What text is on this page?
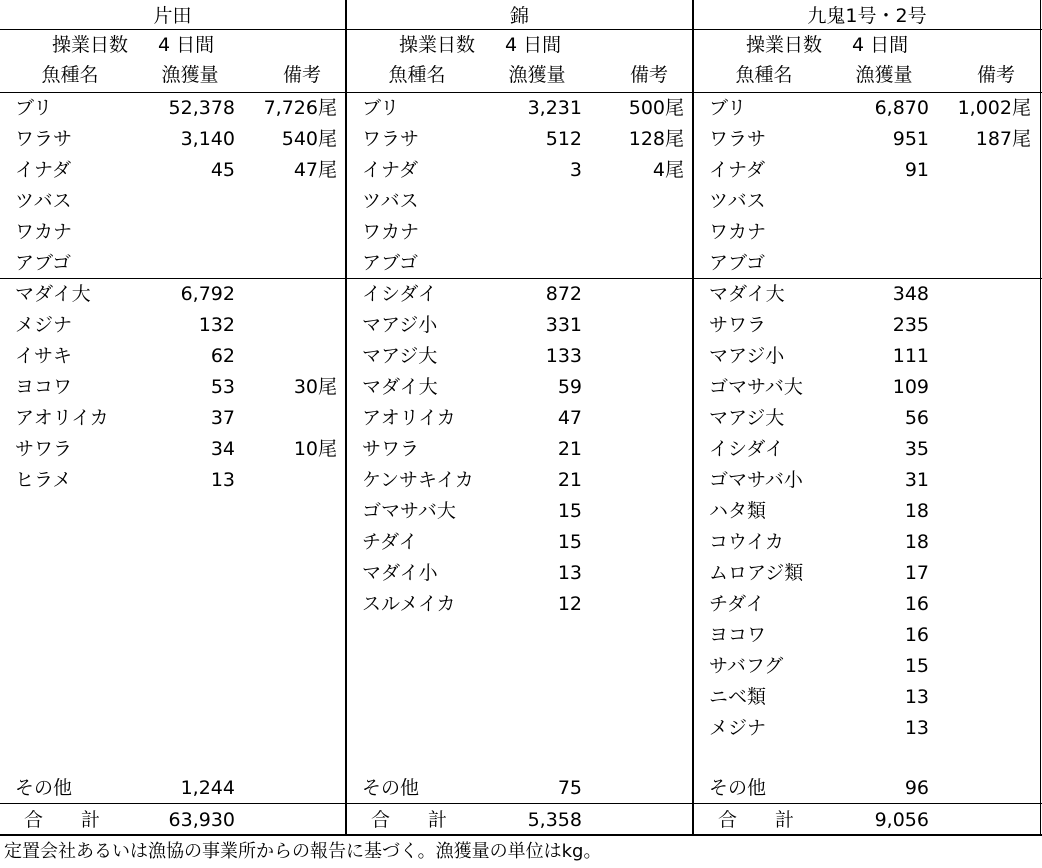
定置会社あるいは漁協の事業所からの報告に基づく。漁獲量の単位はkg。
片田
操業日数	4 日間
魚種名	漁獲量	備考
ブリ	52,378	7,726尾
ワラサ	3,140	540尾
イナダ	45	47尾
ツバス
ワカナ
アブゴ
マダイ大	6,792
メジナ	132
イサキ	62
ヨコワ	53	30尾
アオリイカ	37
サワラ	34	10尾
ヒラメ	13
その他	1,244
合　　計	63,930
錦
操業日数	4 日間
魚種名	漁獲量	備考
ブリ	3,231	500尾
ワラサ	512	128尾
イナダ	3	4尾
ツバス
ワカナ
アブゴ
イシダイ	872
マアジ小	331
マアジ大	133
マダイ大	59
アオリイカ	47
サワラ	21
ケンサキイカ	21
ゴマサバ大	15
チダイ	15
マダイ小	13
スルメイカ	12
その他	75
合　　計	5,358
九鬼1号・2号
操業日数	4 日間
魚種名	漁獲量	備考
ブリ	6,870	1,002尾
ワラサ	951	187尾
イナダ	91
ツバス
ワカナ
アブゴ
マダイ大	348
サワラ	235
マアジ小	111
ゴマサバ大	109
マアジ大	56
イシダイ	35
ゴマサバ小	31
ハタ類	18
コウイカ	18
ムロアジ類	17
チダイ	16
ヨコワ	16
サバフグ	15
ニベ類	13
メジナ	13
その他	96
合　　計	9,056
